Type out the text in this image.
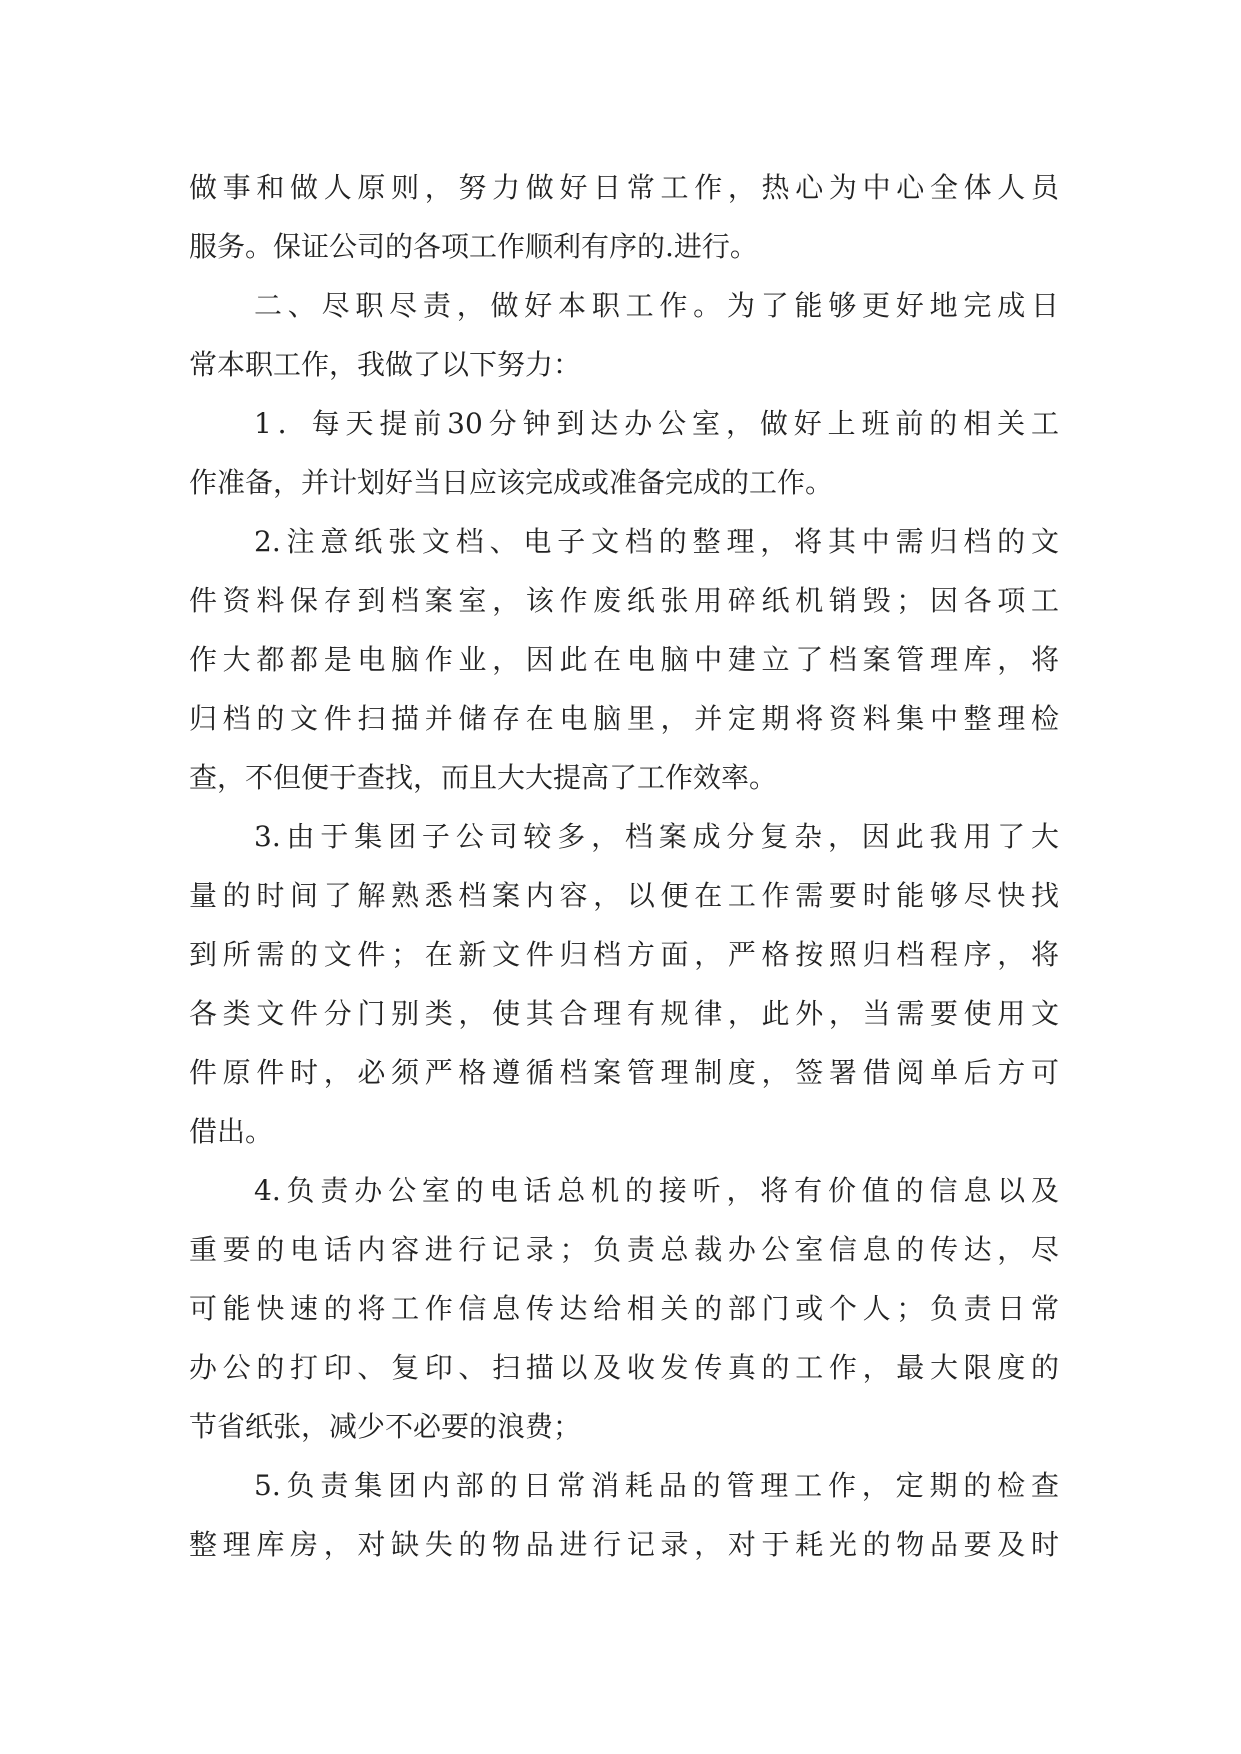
做事和做人原则，努力做好日常工作，热心为中心全体人员
服务。保证公司的各项工作顺利有序的.进行。
二、尽职尽责，做好本职工作。为了能够更好地完成日
常本职工作，我做了以下努力：
1．每天提前30分钟到达办公室，做好上班前的相关工
作准备，并计划好当日应该完成或准备完成的工作。
2.注意纸张文档、电子文档的整理，将其中需归档的文
件资料保存到档案室，该作废纸张用碎纸机销毁；因各项工
作大都都是电脑作业，因此在电脑中建立了档案管理库，将
归档的文件扫描并储存在电脑里，并定期将资料集中整理检
查，不但便于查找，而且大大提高了工作效率。
3.由于集团子公司较多，档案成分复杂，因此我用了大
量的时间了解熟悉档案内容，以便在工作需要时能够尽快找
到所需的文件；在新文件归档方面，严格按照归档程序，将
各类文件分门别类，使其合理有规律，此外，当需要使用文
件原件时，必须严格遵循档案管理制度，签署借阅单后方可
借出。
4.负责办公室的电话总机的接听，将有价值的信息以及
重要的电话内容进行记录；负责总裁办公室信息的传达，尽
可能快速的将工作信息传达给相关的部门或个人；负责日常
办公的打印、复印、扫描以及收发传真的工作，最大限度的
节省纸张，减少不必要的浪费；
5.负责集团内部的日常消耗品的管理工作，定期的检查
整理库房，对缺失的物品进行记录，对于耗光的物品要及时
